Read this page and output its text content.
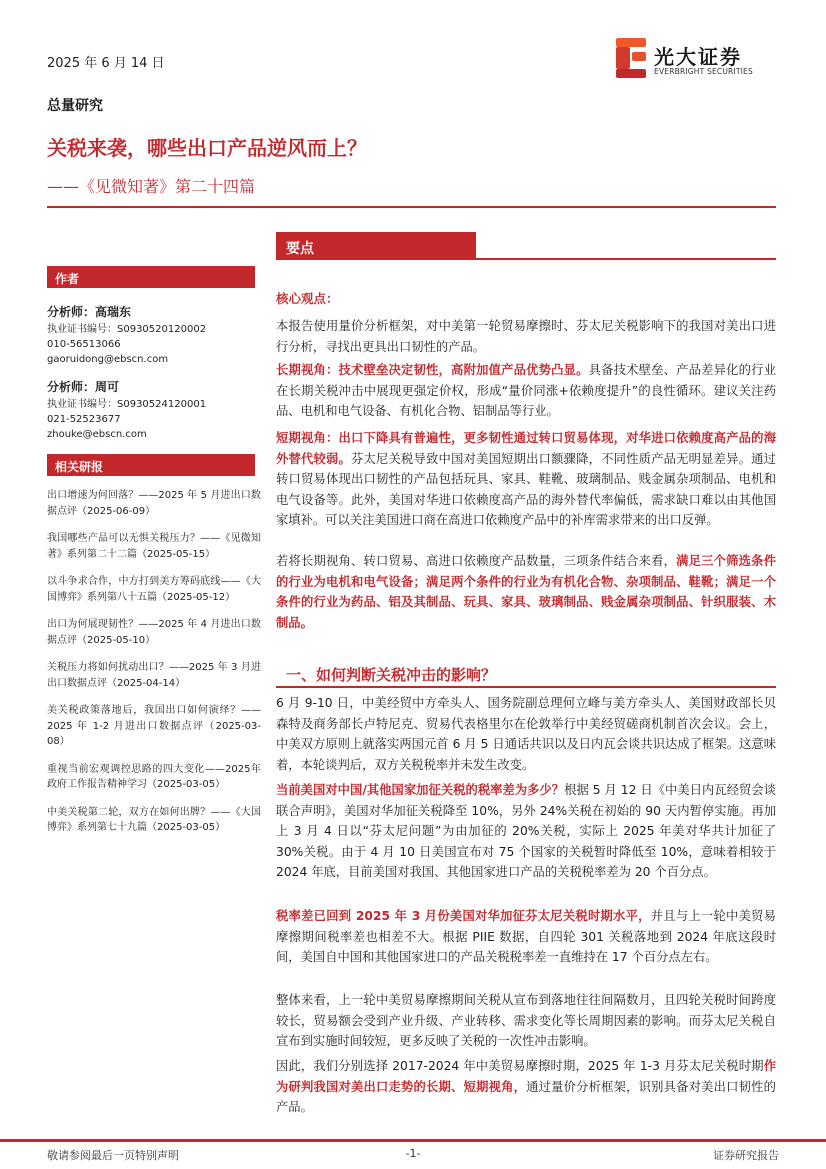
2025 年 6 月 14 日	光大证券
EVERBRIGHT SECURITIES
总量研究
关税来袭，哪些出口产品逆风而上？
——《见微知著》第二十四篇
作者
分析师：高瑞东
执业证书编号：S0930520120002
010-56513066
gaoruidong@ebscn.com
分析师：周可
执业证书编号：S0930524120001
021-52523677
zhouke@ebscn.com
相关研报
出口增速为何回落？——2025 年 5 月进出口数据点评（2025-06-09）
我国哪些产品可以无惧关税压力？——《见微知著》系列第二十二篇（2025-05-15）
以斗争求合作，中方打到美方筹码底线——《大国博弈》系列第八十五篇（2025-05-12）
出口为何展现韧性？——2025 年 4 月进出口数据点评（2025-05-10）
关税压力将如何扰动出口？——2025 年 3 月进出口数据点评（2025-04-14）
美关税政策落地后，我国出口如何演绎？——2025 年 1-2 月进出口数据点评（2025-03-08）
重视当前宏观调控思路的四大变化——2025年政府工作报告精神学习（2025-03-05）
中美关税第二轮，双方在如何出牌？——《大国博弈》系列第七十九篇（2025-03-05）
要点
核心观点：
本报告使用量价分析框架，对中美第一轮贸易摩擦时、芬太尼关税影响下的我国对美出口进行分析，寻找出更具出口韧性的产品。
长期视角：技术壁垒决定韧性，高附加值产品优势凸显。具备技术壁垒、产品差异化的行业在长期关税冲击中展现更强定价权，形成“量价同涨+依赖度提升”的良性循环。建议关注药品、电机和电气设备、有机化合物、铝制品等行业。
短期视角：出口下降具有普遍性，更多韧性通过转口贸易体现，对华进口依赖度高产品的海外替代较弱。芬太尼关税导致中国对美国短期出口额骤降，不同性质产品无明显差异。通过转口贸易体现出口韧性的产品包括玩具、家具、鞋靴、玻璃制品、贱金属杂项制品、电机和电气设备等。此外，美国对华进口依赖度高产品的海外替代率偏低，需求缺口难以由其他国家填补。可以关注美国进口商在高进口依赖度产品中的补库需求带来的出口反弹。
若将长期视角、转口贸易、高进口依赖度产品数量，三项条件结合来看，满足三个筛选条件的行业为电机和电气设备；满足两个条件的行业为有机化合物、杂项制品、鞋靴；满足一个条件的行业为药品、铝及其制品、玩具、家具、玻璃制品、贱金属杂项制品、针织服装、木制品。
一、如何判断关税冲击的影响？
6 月 9-10 日，中美经贸中方牵头人、国务院副总理何立峰与美方牵头人、美国财政部长贝森特及商务部长卢特尼克、贸易代表格里尔在伦敦举行中美经贸磋商机制首次会议。会上，中美双方原则上就落实两国元首 6 月 5 日通话共识以及日内瓦会谈共识达成了框架。这意味着，本轮谈判后，双方关税税率并未发生改变。
当前美国对中国/其他国家加征关税的税率差为多少？根据 5 月 12 日《中美日内瓦经贸会谈联合声明》，美国对华加征关税降至 10%，另外 24%关税在初始的 90 天内暂停实施。再加上 3 月 4 日以“芬太尼问题”为由加征的 20%关税，实际上 2025 年美对华共计加征了 30%关税。由于 4 月 10 日美国宣布对 75 个国家的关税暂时降低至 10%，意味着相较于 2024 年底，目前美国对我国、其他国家进口产品的关税税率差为 20 个百分点。
税率差已回到 2025 年 3 月份美国对华加征芬太尼关税时期水平，并且与上一轮中美贸易摩擦期间税率差也相差不大。根据 PIIE 数据，自四轮 301 关税落地到 2024 年底这段时间，美国自中国和其他国家进口的产品关税税率差一直维持在 17 个百分点左右。
整体来看，上一轮中美贸易摩擦期间关税从宣布到落地往往间隔数月，且四轮关税时间跨度较长，贸易额会受到产业升级、产业转移、需求变化等长周期因素的影响。而芬太尼关税自宣布到实施时间较短，更多反映了关税的一次性冲击影响。
因此，我们分别选择 2017-2024 年中美贸易摩擦时期，2025 年 1-3 月芬太尼关税时期作为研判我国对美出口走势的长期、短期视角，通过量价分析框架，识别具备对美出口韧性的产品。
敬请参阅最后一页特别声明	-1-	证券研究报告
